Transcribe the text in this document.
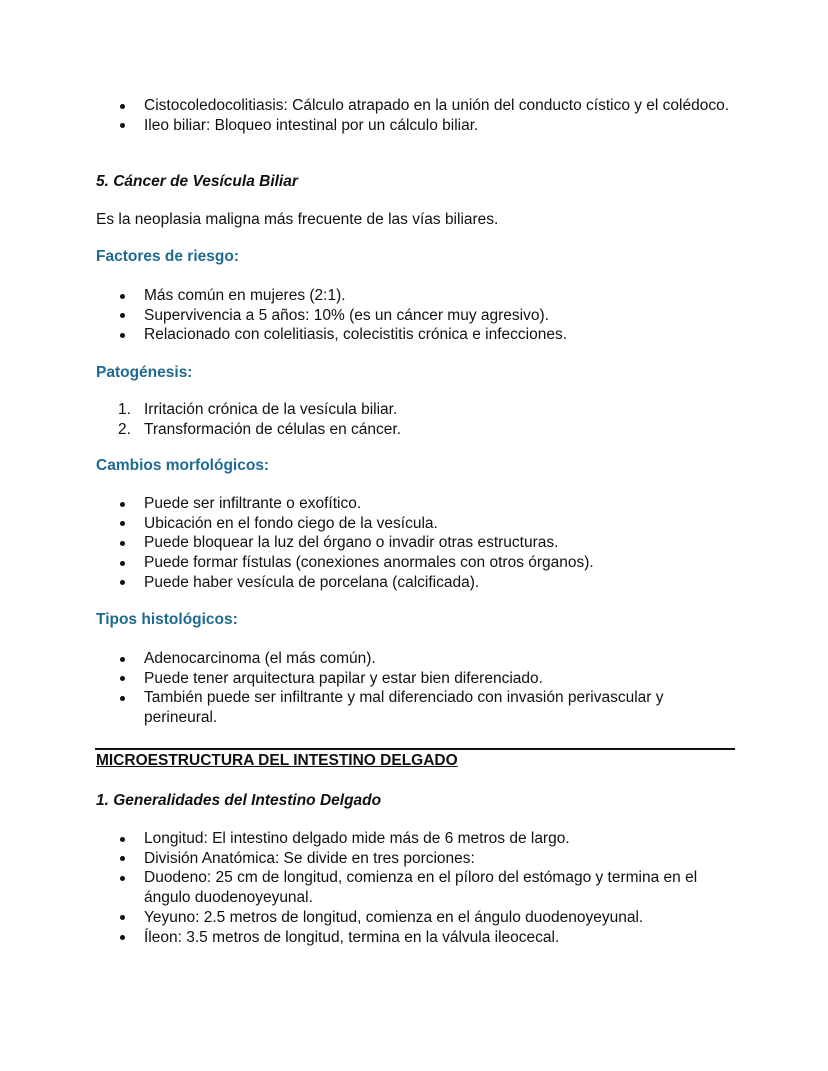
Cistocoledocolitiasis: Cálculo atrapado en la unión del conducto cístico y el colédoco.
Ileo biliar: Bloqueo intestinal por un cálculo biliar.
5. Cáncer de Vesícula Biliar
Es la neoplasia maligna más frecuente de las vías biliares.
Factores de riesgo:
Más común en mujeres (2:1).
Supervivencia a 5 años: 10% (es un cáncer muy agresivo).
Relacionado con colelitiasis, colecistitis crónica e infecciones.
Patogénesis:
1. Irritación crónica de la vesícula biliar.
2. Transformación de células en cáncer.
Cambios morfológicos:
Puede ser infiltrante o exofítico.
Ubicación en el fondo ciego de la vesícula.
Puede bloquear la luz del órgano o invadir otras estructuras.
Puede formar fístulas (conexiones anormales con otros órganos).
Puede haber vesícula de porcelana (calcificada).
Tipos histológicos:
Adenocarcinoma (el más común).
Puede tener arquitectura papilar y estar bien diferenciado.
También puede ser infiltrante y mal diferenciado con invasión perivascular y perineural.
MICROESTRUCTURA DEL INTESTINO DELGADO
1. Generalidades del Intestino Delgado
Longitud: El intestino delgado mide más de 6 metros de largo.
División Anatómica: Se divide en tres porciones:
Duodeno: 25 cm de longitud, comienza en el píloro del estómago y termina en el ángulo duodenoyeyunal.
Yeyuno: 2.5 metros de longitud, comienza en el ángulo duodenoyeyunal.
Íleon: 3.5 metros de longitud, termina en la válvula ileocecal.
